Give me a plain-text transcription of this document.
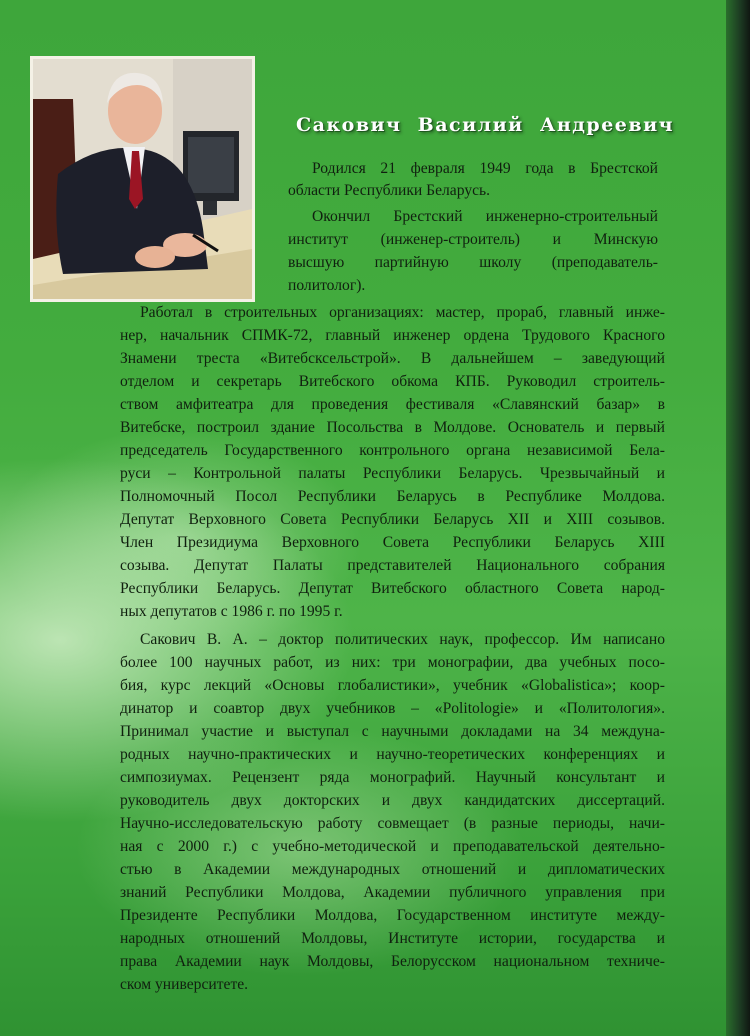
Сакович Василий Андреевич
Родился 21 февраля 1949 года в Брестской
области Республики Беларусь.
Окончил Брестский инженерно-строительный
институт (инженер-строитель) и Минскую
высшую партийную школу (преподаватель-
политолог).
Работал в строительных организациях: мастер, прораб, главный инже-
нер, начальник СПМК-72, главный инженер ордена Трудового Красного
Знамени треста «Витебсксельстрой». В дальнейшем – заведующий
отделом и секретарь Витебского обкома КПБ. Руководил строитель-
ством амфитеатра для проведения фестиваля «Славянский базар» в
Витебске, построил здание Посольства в Молдове. Основатель и первый
председатель Государственного контрольного органа независимой Бела-
руси – Контрольной палаты Республики Беларусь. Чрезвычайный и
Полномочный Посол Республики Беларусь в Республике Молдова.
Депутат Верховного Совета Республики Беларусь XII и XIII созывов.
Член Президиума Верховного Совета Республики Беларусь XIII
созыва. Депутат Палаты представителей Национального собрания
Республики Беларусь. Депутат Витебского областного Совета народ-
ных депутатов с 1986 г. по 1995 г.
Сакович В. А. – доктор политических наук, профессор. Им написано
более 100 научных работ, из них: три монографии, два учебных посо-
бия, курс лекций «Основы глобалистики», учебник «Globalistica»; коор-
динатор и соавтор двух учебников – «Politologie» и «Политология».
Принимал участие и выступал с научными докладами на 34 междуна-
родных научно-практических и научно-теоретических конференциях и
симпозиумах. Рецензент ряда монографий. Научный консультант и
руководитель двух докторских и двух кандидатских диссертаций.
Научно-исследовательскую работу совмещает (в разные периоды, начи-
ная с 2000 г.) с учебно-методической и преподавательской деятельно-
стью в Академии международных отношений и дипломатических
знаний Республики Молдова, Академии публичного управления при
Президенте Республики Молдова, Государственном институте между-
народных отношений Молдовы, Институте истории, государства и
права Академии наук Молдовы, Белорусском национальном техниче-
ском университете.
